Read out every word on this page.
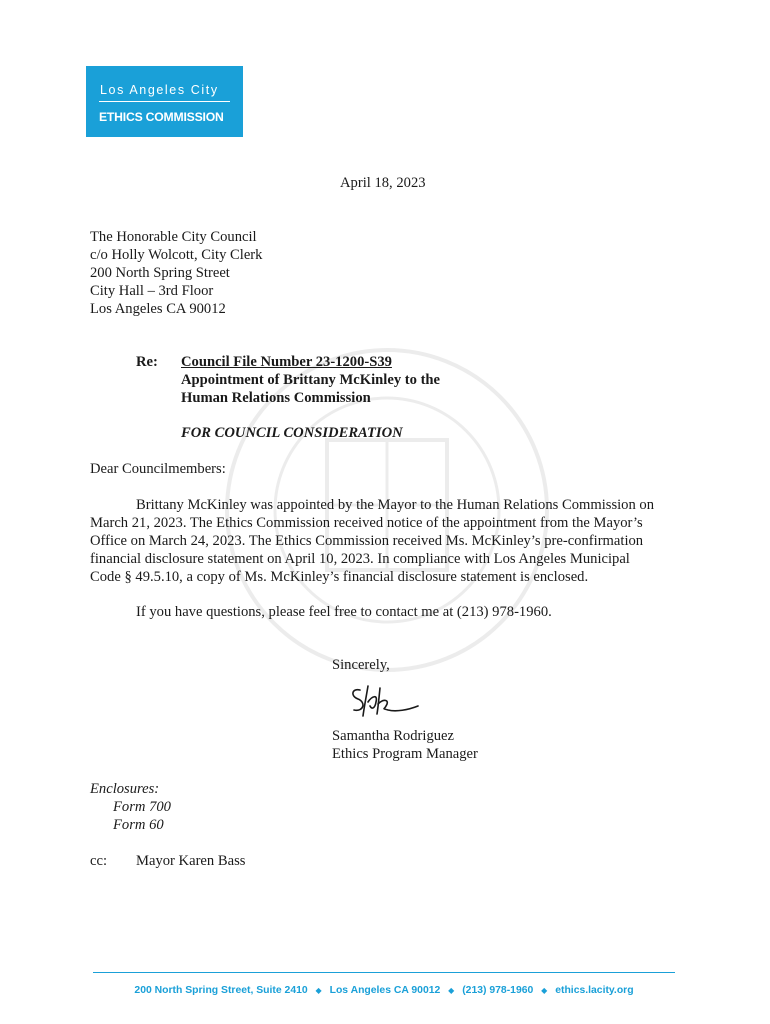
Los Angeles City
ETHICS COMMISSION
April 18, 2023
The Honorable City Council
c/o Holly Wolcott, City Clerk
200 North Spring Street
City Hall – 3rd Floor
Los Angeles CA 90012
Re: Council File Number 23-1200-S39
Appointment of Brittany McKinley to the
Human Relations Commission
FOR COUNCIL CONSIDERATION
Dear Councilmembers:
Brittany McKinley was appointed by the Mayor to the Human Relations Commission on
March 21, 2023. The Ethics Commission received notice of the appointment from the Mayor’s
Office on March 24, 2023. The Ethics Commission received Ms. McKinley’s pre-confirmation
financial disclosure statement on April 10, 2023. In compliance with Los Angeles Municipal
Code § 49.5.10, a copy of Ms. McKinley’s financial disclosure statement is enclosed.
If you have questions, please feel free to contact me at (213) 978-1960.
Sincerely,
Samantha Rodriguez
Ethics Program Manager
Enclosures:
Form 700
Form 60
cc: Mayor Karen Bass
200 North Spring Street, Suite 2410 ◆ Los Angeles CA 90012 ◆ (213) 978-1960 ◆ ethics.lacity.org
